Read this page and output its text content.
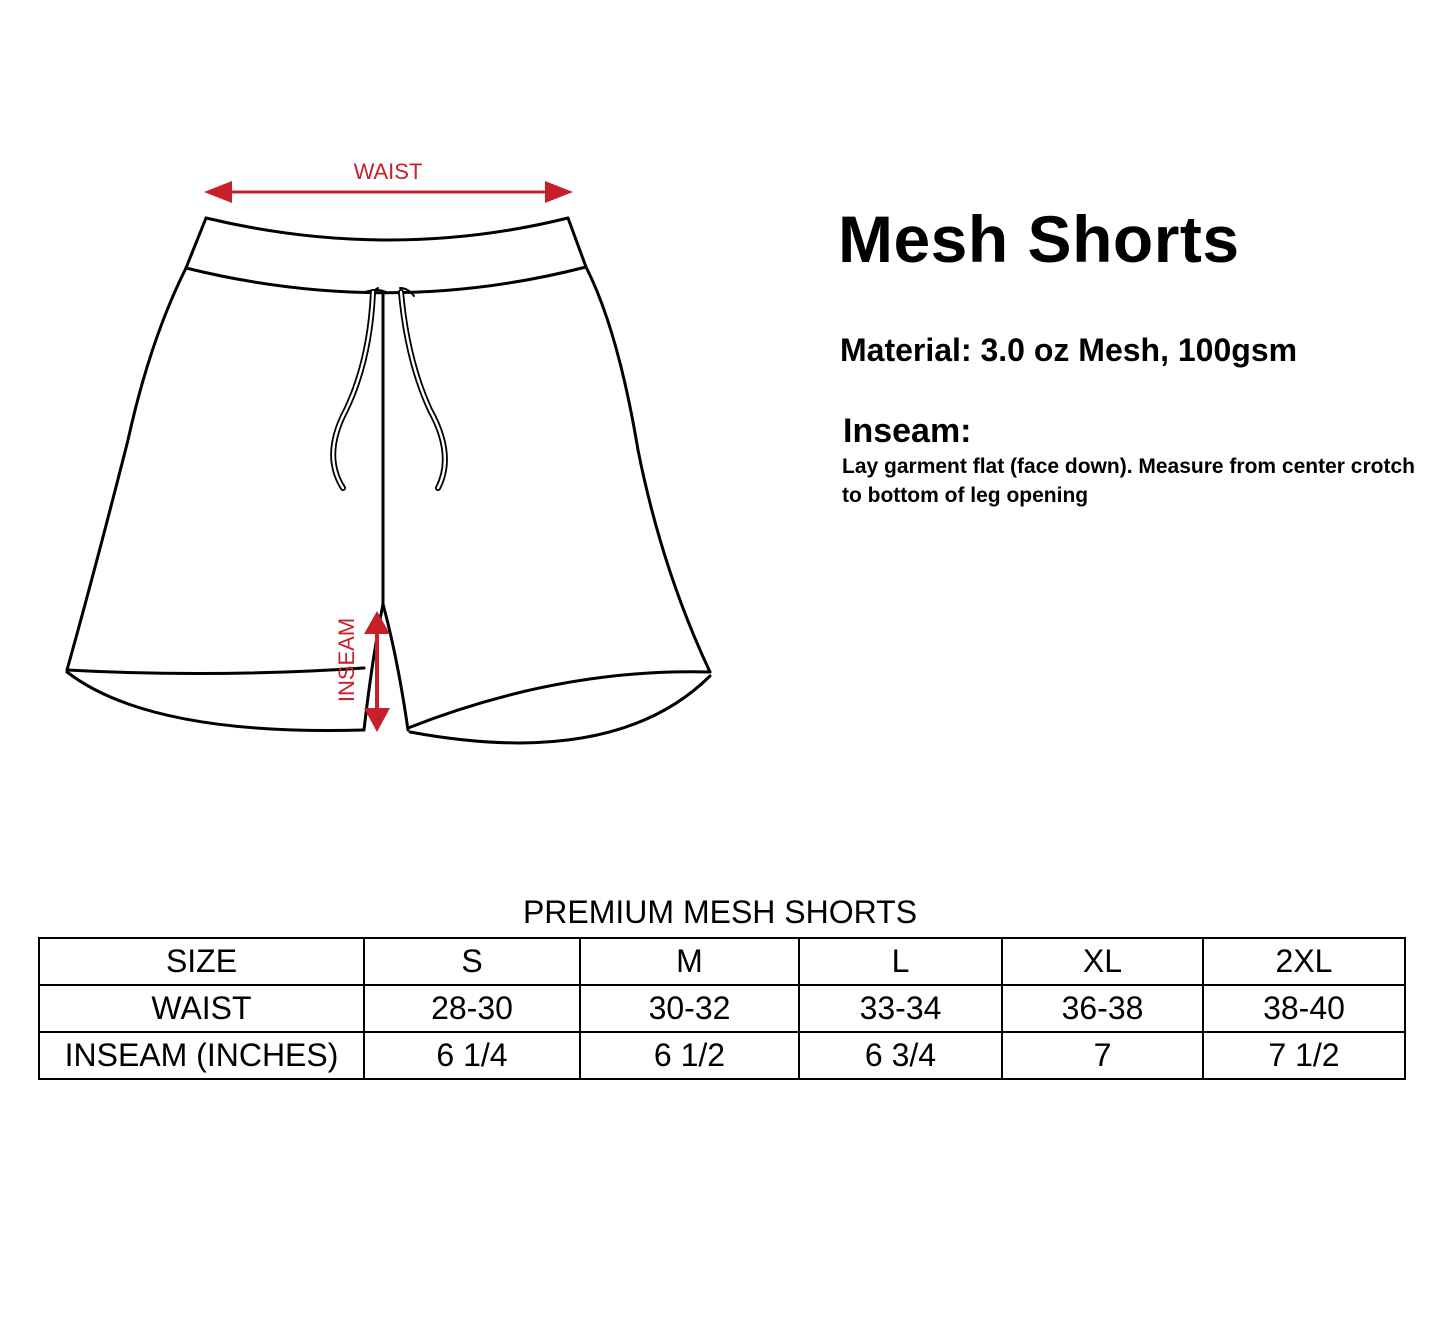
WAIST
INSEAM
Mesh Shorts

Material: 3.0 oz Mesh, 100gsm

Inseam:

Lay garment flat (face down). Measure from center crotch to bottom of leg opening

PREMIUM MESH SHORTS

SIZE	S	M	L	XL	2XL
WAIST	28-30	30-32	33-34	36-38	38-40
INSEAM (INCHES)	6 1/4	6 1/2	6 3/4	7	7 1/2
